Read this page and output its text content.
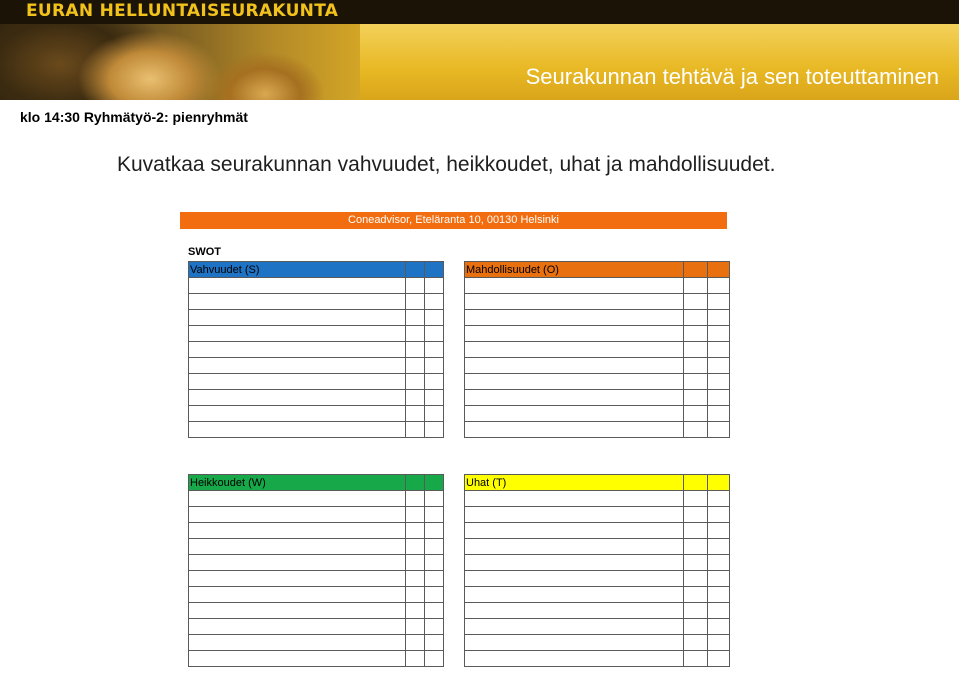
EURAN HELLUNTAISEURAKUNTA
Seurakunnan tehtävä ja sen toteuttaminen
klo 14:30 Ryhmätyö-2: pienryhmät
Kuvatkaa seurakunnan vahvuudet, heikkoudet, uhat ja mahdollisuudet.
Coneadvisor, Eteläranta 10, 00130 Helsinki
SWOT
Vahvuudet (S)		

			Mahdollisuudet (O)		

Heikkoudet (W)		

			Uhat (T)		
